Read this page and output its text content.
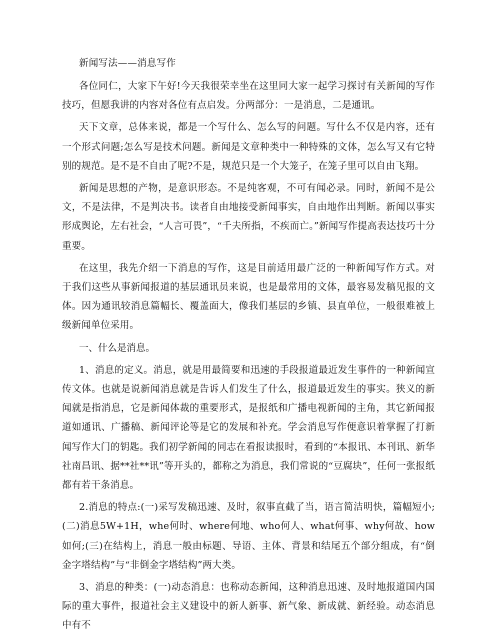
新闻写法——消息写作

各位同仁，大家下午好!今天我很荣幸坐在这里同大家一起学习探讨有关新闻的写作技巧，但愿我讲的内容对各位有点启发。分两部分：一是消息，二是通讯。

天下文章，总体来说，都是一个写什么、怎么写的问题。写什么不仅是内容，还有一个形式问题;怎么写是技术问题。新闻是文章种类中一种特殊的文体，怎么写又有它特别的规范。是不是不自由了呢?不是，规范只是一个大笼子，在笼子里可以自由飞翔。

新闻是思想的产物，是意识形态。不是纯客观，不可有闻必录。同时，新闻不是公文，不是法律，不是判决书。读者自由地接受新闻事实，自由地作出判断。新闻以事实形成舆论，左右社会，“人言可畏”，“千夫所指，不疾而亡。”新闻写作提高表达技巧十分重要。

在这里，我先介绍一下消息的写作，这是目前适用最广泛的一种新闻写作方式。对于我们这些从事新闻报道的基层通讯员来说，也是最常用的文体，最容易发稿见报的文体。因为通讯较消息篇幅长、覆盖面大，像我们基层的乡镇、县直单位，一般很难被上级新闻单位采用。

一、什么是消息。

1、消息的定义。消息，就是用最简要和迅速的手段报道最近发生事件的一种新闻宣传文体。也就是说新闻消息就是告诉人们发生了什么，报道最近发生的事实。狭义的新闻就是指消息，它是新闻体裁的重要形式，是报纸和广播电视新闻的主角，其它新闻报道如通讯、广播稿、新闻评论等是它的发展和补充。学会消息写作便意识着掌握了打新闻写作大门的钥匙。我们初学新闻的同志在看报读报时，看到的“本报讯、本刊讯、新华社南昌讯、据**社**讯”等开头的，都称之为消息，我们常说的“豆腐块”，任何一张报纸都有若干条消息。

2.消息的特点:(一)采写发稿迅速、及时，叙事直截了当，语言简洁明快，篇幅短小;(二)消息5W+1H，whe何时、where何地、who何人、what何事、why何故、how如何;(三)在结构上，消息一般由标题、导语、主体、背景和结尾五个部分组成，有“倒金字塔结构”与“非倒金字塔结构”两大类。

3、消息的种类：(一)动态消息：也称动态新闻，这种消息迅速、及时地报道国内国际的重大事件，报道社会主义建设中的新人新事、新气象、新成就、新经验。动态消息中有不
